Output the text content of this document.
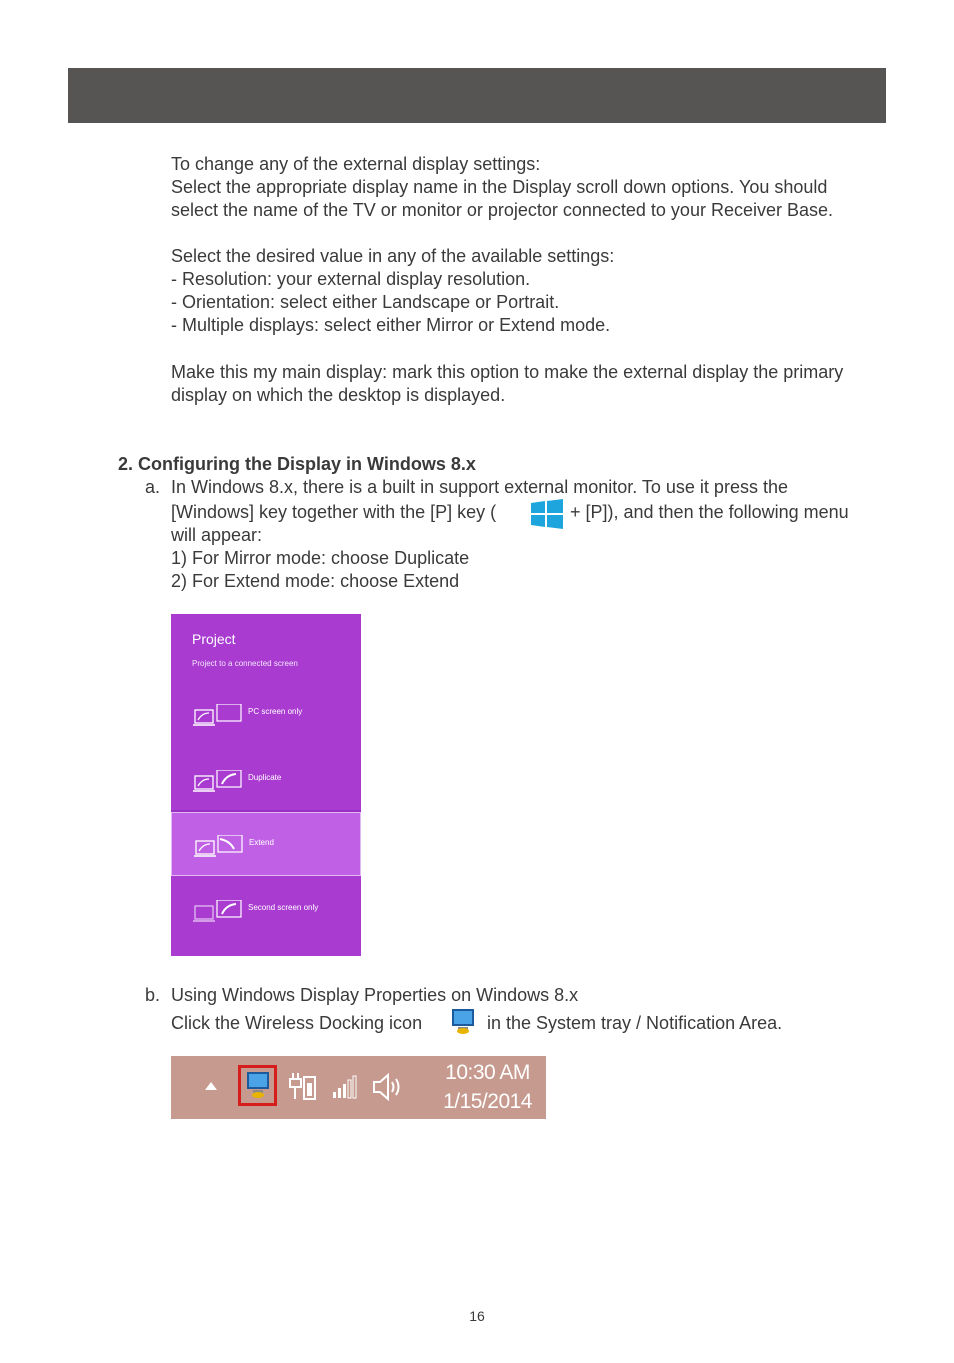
To change any of the external display settings:
Select the appropriate display name in the Display scroll down options. You should
select the name of the TV or monitor or projector connected to your Receiver Base.
Select the desired value in any of the available settings:
- Resolution: your external display resolution.
- Orientation: select either Landscape or Portrait.
- Multiple displays: select either Mirror or Extend mode.
Make this my main display: mark this option to make the external display the primary
display on which the desktop is displayed.
2. Configuring the Display in Windows 8.x
a. In Windows 8.x, there is a built in support external monitor. To use it press the
[Windows] key together with the [P] key (	+ [P]), and then the following menu
will appear:
1) For Mirror mode: choose Duplicate
2) For Extend mode: choose Extend
Project
Project to a connected screen
PC screen only
Duplicate
Extend
Second screen only
b. Using Windows Display Properties on Windows 8.x
Click the Wireless Docking icon	in the System tray / Notification Area.
10:30 AM
1/15/2014
16
